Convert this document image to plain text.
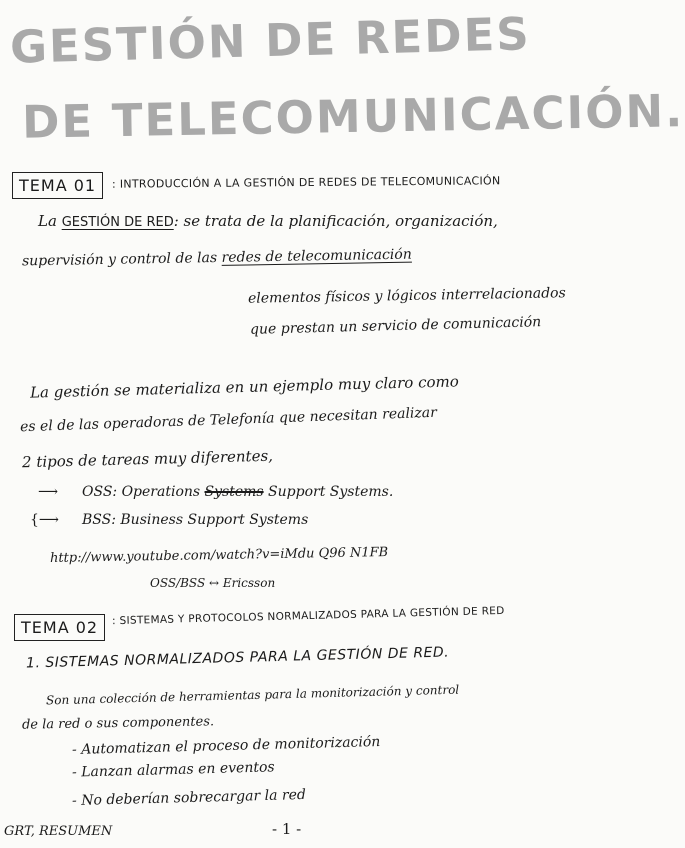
GESTIÓN DE REDES
DE TELECOMUNICACIÓN.
TEMA 01	: INTRODUCCIÓN A LA GESTIÓN DE REDES DE TELECOMUNICACIÓN
La GESTIÓN DE RED: se trata de la planificación, organización,
supervisión y control de las redes de telecomunicación
elementos físicos y lógicos interrelacionados
que prestan un servicio de comunicación
La gestión se materializa en un ejemplo muy claro como
es el de las operadoras de Telefonía que necesitan realizar
2 tipos de tareas muy diferentes,
⟶ OSS: Operations Systems Support Systems.
{⟶ BSS: Business Support Systems
http://www.youtube.com/watch?v=iMdu Q96 N1FB
OSS/BSS ↔ Ericsson
TEMA 02
: SISTEMAS Y PROTOCOLOS NORMALIZADOS PARA LA GESTIÓN DE RED
1. SISTEMAS NORMALIZADOS PARA LA GESTIÓN DE RED.
Son una colección de herramientas para la monitorización y control
de la red o sus componentes.
- Automatizan el proceso de monitorización
- Lanzan alarmas en eventos
- No deberían sobrecargar la red
GRT, RESUMEN	- 1 -
